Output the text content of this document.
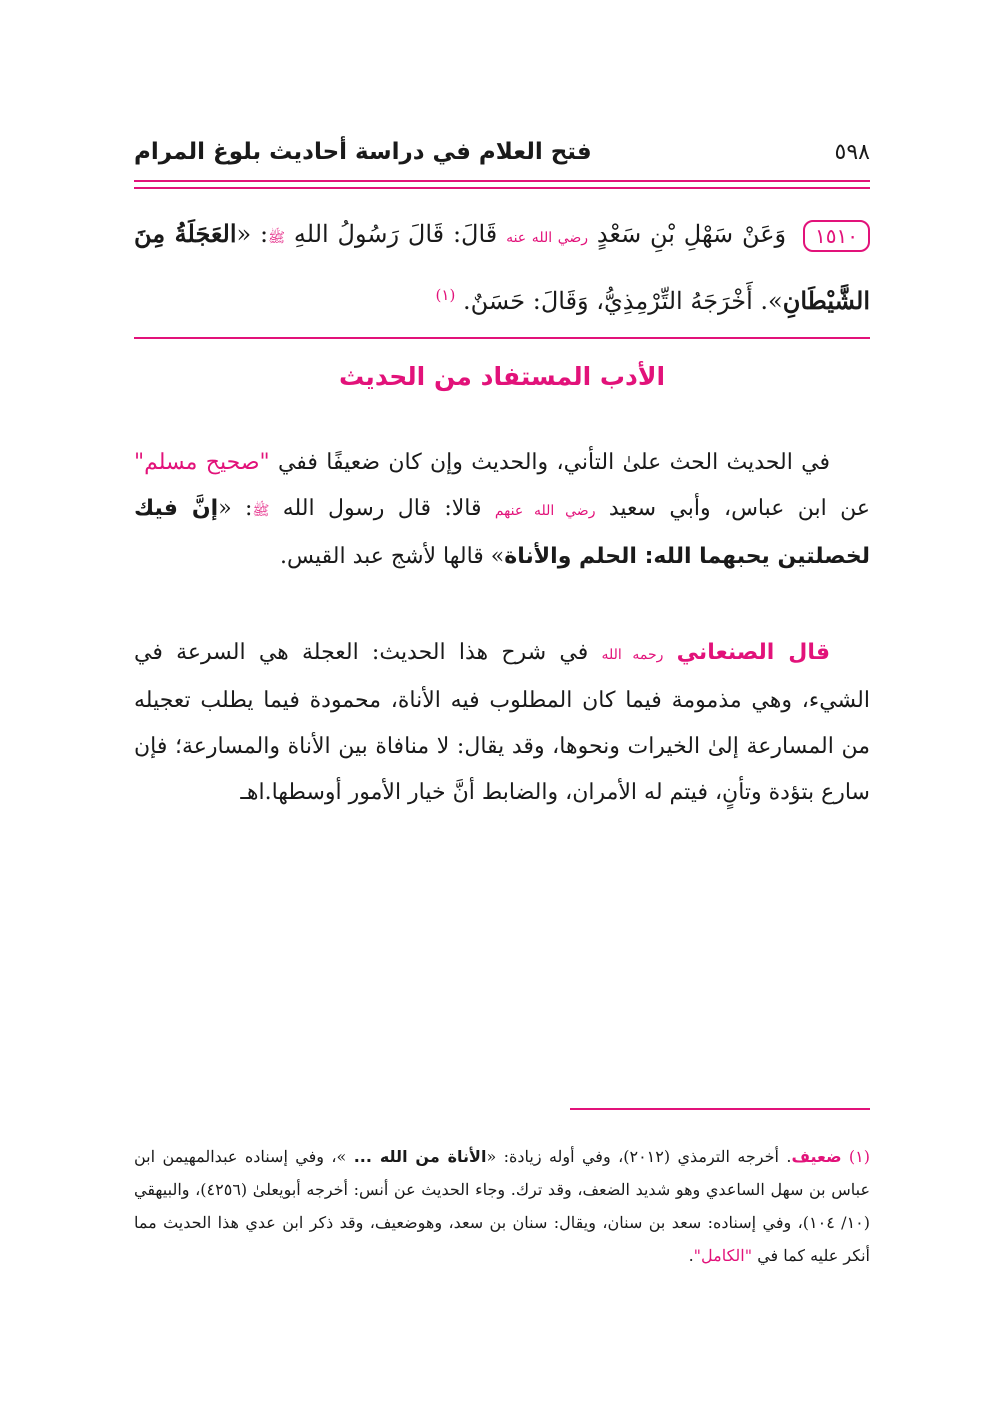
٥٩٨
فتح العلام في دراسة أحاديث بلوغ المرام
١٥١٠ وَعَنْ سَهْلِ بْنِ سَعْدٍ رضي الله عنه قَالَ: قَالَ رَسُولُ اللهِ ﷺ: «العَجَلَةُ مِنَ الشَّيْطَانِ». أَخْرَجَهُ التِّرْمِذِيُّ، وَقَالَ: حَسَنٌ. $^{(١)}$
الأدب المستفاد من الحديث
في الحديث الحث علىٰ التأني، والحديث وإن كان ضعيفًا ففي "صحيح مسلم" عن ابن عباس، وأبي سعيد رضي الله عنهم قالا: قال رسول الله ﷺ: «إنَّ فيك لخصلتين يحبهما الله: الحلم والأناة» قالها لأشج عبد القيس.
قال الصنعاني رحمه الله في شرح هذا الحديث: العجلة هي السرعة في الشيء، وهي مذمومة فيما كان المطلوب فيه الأناة، محمودة فيما يطلب تعجيله من المسارعة إلىٰ الخيرات ونحوها، وقد يقال: لا منافاة بين الأناة والمسارعة؛ فإن سارع بتؤدة وتأنٍ، فيتم له الأمران، والضابط أنَّ خيار الأمور أوسطها.اهـ
(١) ضعيف. أخرجه الترمذي (٢٠١٢)، وفي أوله زيادة: «الأناة من الله ... »، وفي إسناده عبدالمهيمن ابن عباس بن سهل الساعدي وهو شديد الضعف، وقد ترك. وجاء الحديث عن أنس: أخرجه أبويعلىٰ (٤٢٥٦)، والبيهقي (١٠/ ١٠٤)، وفي إسناده: سعد بن سنان، ويقال: سنان بن سعد، وهوضعيف، وقد ذكر ابن عدي هذا الحديث مما أنكر عليه كما في "الكامل".
